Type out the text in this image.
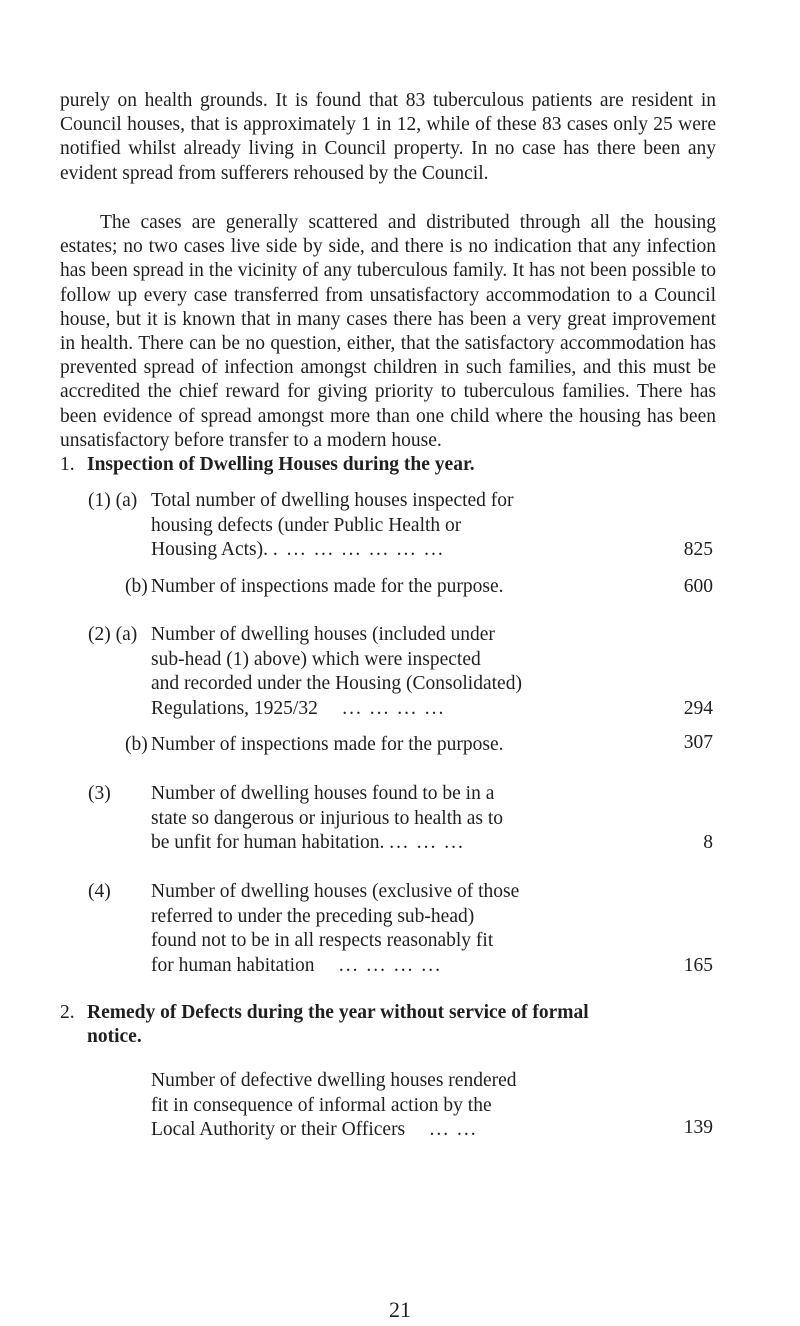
purely on health grounds. It is found that 83 tuberculous patients are resident in Council houses, that is approximately 1 in 12, while of these 83 cases only 25 were notified whilst already living in Council property. In no case has there been any evident spread from sufferers rehoused by the Council.

The cases are generally scattered and distributed through all the housing estates; no two cases live side by side, and there is no indication that any infection has been spread in the vicinity of any tuberculous family. It has not been possible to follow up every case transferred from unsatisfactory accommodation to a Council house, but it is known that in many cases there has been a very great improvement in health. There can be no question, either, that the satisfactory accommodation has prevented spread of infection amongst children in such families, and this must be accredited the chief reward for giving priority to tuberculous families. There has been evidence of spread amongst more than one child where the housing has been unsatisfactory before transfer to a modern house.

1. Inspection of Dwelling Houses during the year.
(1) (a) Total number of dwelling houses inspected for
housing defects (under Public Health or
Housing Acts). . ... ... ... ... ... ...	825
(b) Number of inspections made for the purpose.	600
(2) (a) Number of dwelling houses (included under
sub-head (1) above) which were inspected
and recorded under the Housing (Consolidated)
Regulations, 1925/32 ... ... ... ...	294
(b) Number of inspections made for the purpose.	307
(3) Number of dwelling houses found to be in a
state so dangerous or injurious to health as to
be unfit for human habitation. ... ... ...	8
(4) Number of dwelling houses (exclusive of those
referred to under the preceding sub-head)
found not to be in all respects reasonably fit
for human habitation ... ... ... ...	165
2. Remedy of Defects during the year without service of formal
notice.
Number of defective dwelling houses rendered
fit in consequence of informal action by the
Local Authority or their Officers ... ...	139
21
